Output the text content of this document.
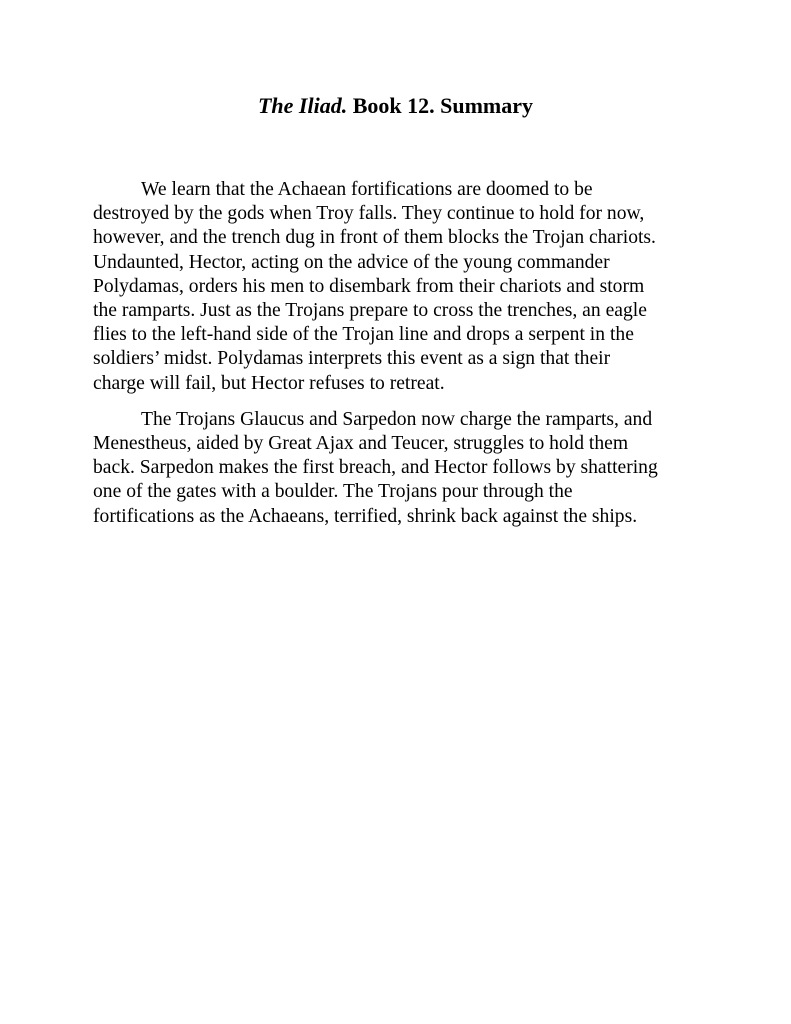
The Iliad. Book 12. Summary
We learn that the Achaean fortifications are doomed to be
destroyed by the gods when Troy falls. They continue to hold for now,
however, and the trench dug in front of them blocks the Trojan chariots.
Undaunted, Hector, acting on the advice of the young commander
Polydamas, orders his men to disembark from their chariots and storm
the ramparts. Just as the Trojans prepare to cross the trenches, an eagle
flies to the left-hand side of the Trojan line and drops a serpent in the
soldiers’ midst. Polydamas interprets this event as a sign that their
charge will fail, but Hector refuses to retreat.
The Trojans Glaucus and Sarpedon now charge the ramparts, and
Menestheus, aided by Great Ajax and Teucer, struggles to hold them
back. Sarpedon makes the first breach, and Hector follows by shattering
one of the gates with a boulder. The Trojans pour through the
fortifications as the Achaeans, terrified, shrink back against the ships.
